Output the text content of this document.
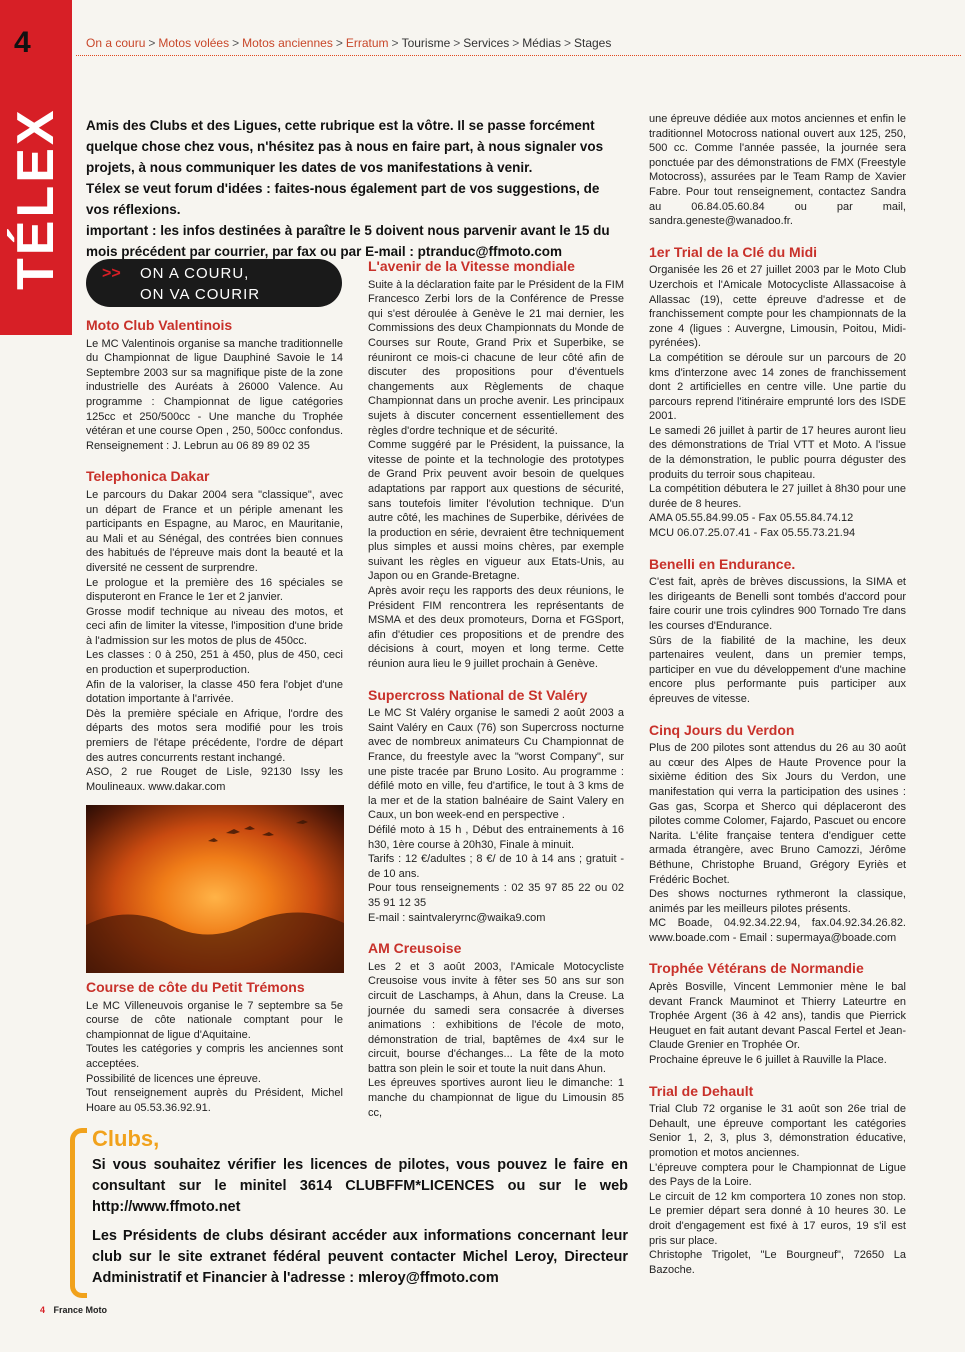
4	On a couru > Motos volées > Motos anciennes > Erratum > Tourisme > Services > Médias > Stages

Amis des Clubs et des Ligues, cette rubrique est la vôtre. Il se passe forcément quelque chose chez vous, n'hésitez pas à nous en faire part, à nous signaler vos projets, à nous communiquer les dates de vos manifestations à venir.

Télex se veut forum d'idées : faites-nous également part de vos suggestions, de vos réflexions.

important : les infos destinées à paraître le 5 doivent nous parvenir avant le 15 du mois précédent par courrier, par fax ou par E-mail : ptranduc@ffmoto.com

>> ON A COURU,
ON VA COURIR
Moto Club Valentinois

Le MC Valentinois organise sa manche traditionnelle du Championnat de ligue Dauphiné Savoie le 14 Septembre 2003 sur sa magnifique piste de la zone industrielle des Auréats à 26000 Valence. Au programme : Championnat de ligue catégories 125cc et 250/500cc - Une manche du Trophée vétéran et une course Open , 250, 500cc confondus. Renseignement : J. Lebrun au 06 89 89 02 35

Telephonica Dakar

Le parcours du Dakar 2004 sera "classique", avec un départ de France et un périple amenant les participants en Espagne, au Maroc, en Mauritanie, au Mali et au Sénégal, des contrées bien connues des habitués de l'épreuve mais dont la beauté et la diversité ne cessent de surprendre.

Le prologue et la première des 16 spéciales se disputeront en France le 1er et 2 janvier.

Grosse modif technique au niveau des motos, et ceci afin de limiter la vitesse, l'imposition d'une bride à l'admission sur les motos de plus de 450cc.

Les classes : 0 à 250, 251 à 450, plus de 450, ceci en production et superproduction.

Afin de la valoriser, la classe 450 fera l'objet d'une dotation importante à l'arrivée.

Dès la première spéciale en Afrique, l'ordre des départs des motos sera modifié pour les trois premiers de l'étape précédente, l'ordre de départ des autres concurrents restant inchangé.

ASO, 2 rue Rouget de Lisle, 92130 Issy les Moulineaux. www.dakar.com

Course de côte du Petit Trémons

Le MC Villeneuvois organise le 7 septembre sa 5e course de côte nationale comptant pour le championnat de ligue d'Aquitaine.

Toutes les catégories y compris les anciennes sont acceptées.

Possibilité de licences une épreuve.

Tout renseignement auprès du Président, Michel Hoare au 05.53.36.92.91.

L'avenir de la Vitesse mondiale

Suite à la déclaration faite par le Président de la FIM Francesco Zerbi lors de la Conférence de Presse qui s'est déroulée à Genève le 21 mai dernier, les Commissions des deux Championnats du Monde de Courses sur Route, Grand Prix et Superbike, se réuniront ce mois-ci chacune de leur côté afin de discuter des propositions pour d'éventuels changements aux Règlements de chaque Championnat dans un proche avenir. Les principaux sujets à discuter concernent essentiellement des règles d'ordre technique et de sécurité.

Comme suggéré par le Président, la puissance, la vitesse de pointe et la technologie des prototypes de Grand Prix peuvent avoir besoin de quelques adaptations par rapport aux questions de sécurité, sans toutefois limiter l'évolution technique. D'un autre côté, les machines de Superbike, dérivées de la production en série, devraient être techniquement plus simples et aussi moins chères, par exemple suivant les règles en vigueur aux Etats-Unis, au Japon ou en Grande-Bretagne.

Après avoir reçu les rapports des deux réunions, le Président FIM rencontrera les représentants de MSMA et des deux promoteurs, Dorna et FGSport, afin d'étudier ces propositions et de prendre des décisions à court, moyen et long terme. Cette réunion aura lieu le 9 juillet prochain à Genève.

Supercross National de St Valéry

Le MC St Valéry organise le samedi 2 août 2003 a Saint Valéry en Caux (76) son Supercross nocturne avec de nombreux animateurs Cu Championnat de France, du freestyle avec la "worst Company", sur une piste tracée par Bruno Losito. Au programme : défilé moto en ville, feu d'artifice, le tout à 3 kms de la mer et de la station balnéaire de Saint Valery en Caux, un bon week-end en perspective .

Défilé moto à 15 h , Début des entrainements à 16 h30, 1ère course à 20h30, Finale à minuit.

Tarifs : 12 €/adultes ; 8 €/ de 10 à 14 ans ; gratuit - de 10 ans.

Pour tous renseignements : 02 35 97 85 22 ou 02 35 91 12 35

E-mail : saintvaleryrnc@waika9.com

AM Creusoise

Les 2 et 3 août 2003, l'Amicale Motocycliste Creusoise vous invite à fêter ses 50 ans sur son circuit de Laschamps, à Ahun, dans la Creuse. La journée du samedi sera consacrée à diverses animations : exhibitions de l'école de moto, démonstration de trial, baptêmes de 4x4 sur le circuit, bourse d'échanges... La fête de la moto battra son plein le soir et toute la nuit dans Ahun.

Les épreuves sportives auront lieu le dimanche: 1 manche du championnat de ligue du Limousin 85 cc,

une épreuve dédiée aux motos anciennes et enfin le traditionnel Motocross national ouvert aux 125, 250, 500 cc. Comme l'année passée, la journée sera ponctuée par des démonstrations de FMX (Freestyle Motocross), assurées par le Team Ramp de Xavier Fabre. Pour tout renseignement, contactez Sandra au 06.84.05.60.84 ou par mail, sandra.geneste@wanadoo.fr.

1er Trial de la Clé du Midi

Organisée les 26 et 27 juillet 2003 par le Moto Club Uzerchois et l'Amicale Motocycliste Allassacoise à Allassac (19), cette épreuve d'adresse et de franchissement compte pour les championnats de la zone 4 (ligues : Auvergne, Limousin, Poitou, Midi-pyrénées).

La compétition se déroule sur un parcours de 20 kms d'interzone avec 14 zones de franchissement dont 2 artificielles en centre ville. Une partie du parcours reprend l'itinéraire emprunté lors des ISDE 2001.

Le samedi 26 juillet à partir de 17 heures auront lieu des démonstrations de Trial VTT et Moto. A l'issue de la démonstration, le public pourra déguster des produits du terroir sous chapiteau.

La compétition débutera le 27 juillet à 8h30 pour une durée de 8 heures.

AMA 05.55.84.99.05 - Fax 05.55.84.74.12

MCU 06.07.25.07.41 - Fax 05.55.73.21.94

Benelli en Endurance.

C'est fait, après de brèves discussions, la SIMA et les dirigeants de Benelli sont tombés d'accord pour faire courir une trois cylindres 900 Tornado Tre dans les courses d'Endurance.

Sûrs de la fiabilité de la machine, les deux partenaires veulent, dans un premier temps, participer en vue du développement d'une machine encore plus performante puis participer aux épreuves de vitesse.

Cinq Jours du Verdon

Plus de 200 pilotes sont attendus du 26 au 30 août au cœur des Alpes de Haute Provence pour la sixième édition des Six Jours du Verdon, une manifestation qui verra la participation des usines : Gas gas, Scorpa et Sherco qui déplaceront des pilotes comme Colomer, Fajardo, Pascuet ou encore Narita. L'élite française tentera d'endiguer cette armada étrangère, avec Bruno Camozzi, Jérôme Béthune, Christophe Bruand, Grégory Eyriès et Frédéric Bochet.

Des shows nocturnes rythmeront la classique, animés par les meilleurs pilotes présents.

MC Boade, 04.92.34.22.94, fax.04.92.34.26.82. www.boade.com - Email : supermaya@boade.com

Trophée Vétérans de Normandie

Après Bosville, Vincent Lemmonier mène le bal devant Franck Mauminot et Thierry Lateurtre en Trophée Argent (36 à 42 ans), tandis que Pierrick Heuguet en fait autant devant Pascal Fertel et Jean-Claude Grenier en Trophée Or.

Prochaine épreuve le 6 juillet à Rauville la Place.

Trial de Dehault

Trial Club 72 organise le 31 août son 26e trial de Dehault, une épreuve comportant les catégories Senior 1, 2, 3, plus 3, démonstration éducative, promotion et motos anciennes.

L'épreuve comptera pour le Championnat de Ligue des Pays de la Loire.

Le circuit de 12 km comportera 10 zones non stop. Le premier départ sera donné à 10 heures 30. Le droit d'engagement est fixé à 17 euros, 19 s'il est pris sur place.

Christophe Trigolet, "Le Bourgneuf", 72650 La Bazoche.

Clubs,

Si vous souhaitez vérifier les licences de pilotes, vous pouvez le faire en consultant sur le minitel 3614 CLUBFFM*LICENCES ou sur le web http://www.ffmoto.net

Les Présidents de clubs désirant accéder aux informations concernant leur club sur le site extranet fédéral peuvent contacter Michel Leroy, Directeur Administratif et Financier à l'adresse : mleroy@ffmoto.com

4 France Moto
